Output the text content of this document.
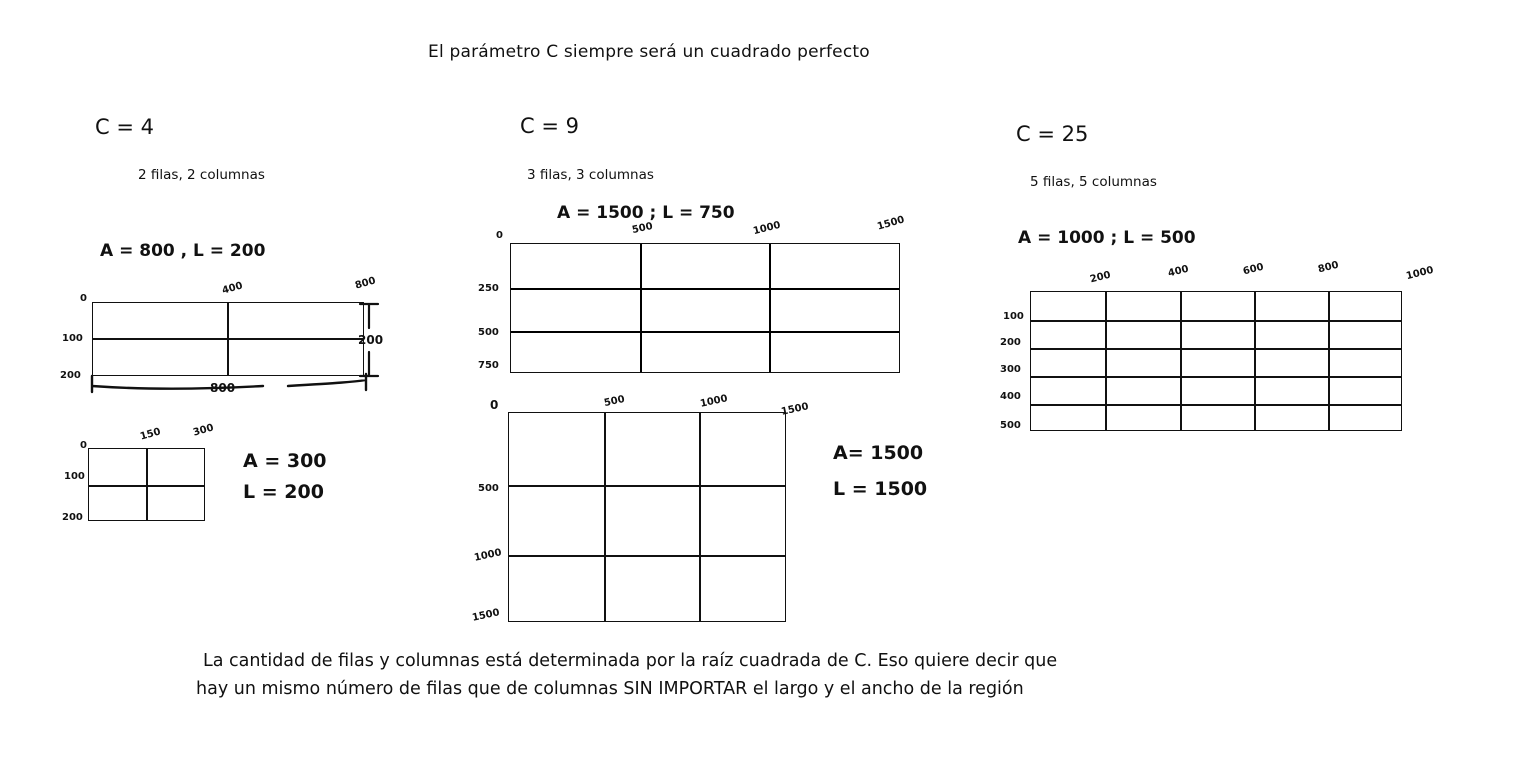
El parámetro C siempre será un cuadrado perfecto
C = 4
2 filas, 2 columnas
A = 800 , L = 200
0
400	800
100
200
800
200
0
150	300
100
200
A = 300
L = 200
C = 9
3 filas, 3 columnas
A = 1500 ; L = 750
0	500	1000	1500
250
500
750
0	500	1000	1500
500
1000
1500
A= 1500
L = 1500
C = 25
5 filas, 5 columnas
A = 1000 ; L = 500
200	400	600	800	1000
100
200
300
400
500
La cantidad de filas y columnas está determinada por la raíz cuadrada de C. Eso quiere decir que
hay un mismo número de filas que de columnas SIN IMPORTAR el largo y el ancho de la región
